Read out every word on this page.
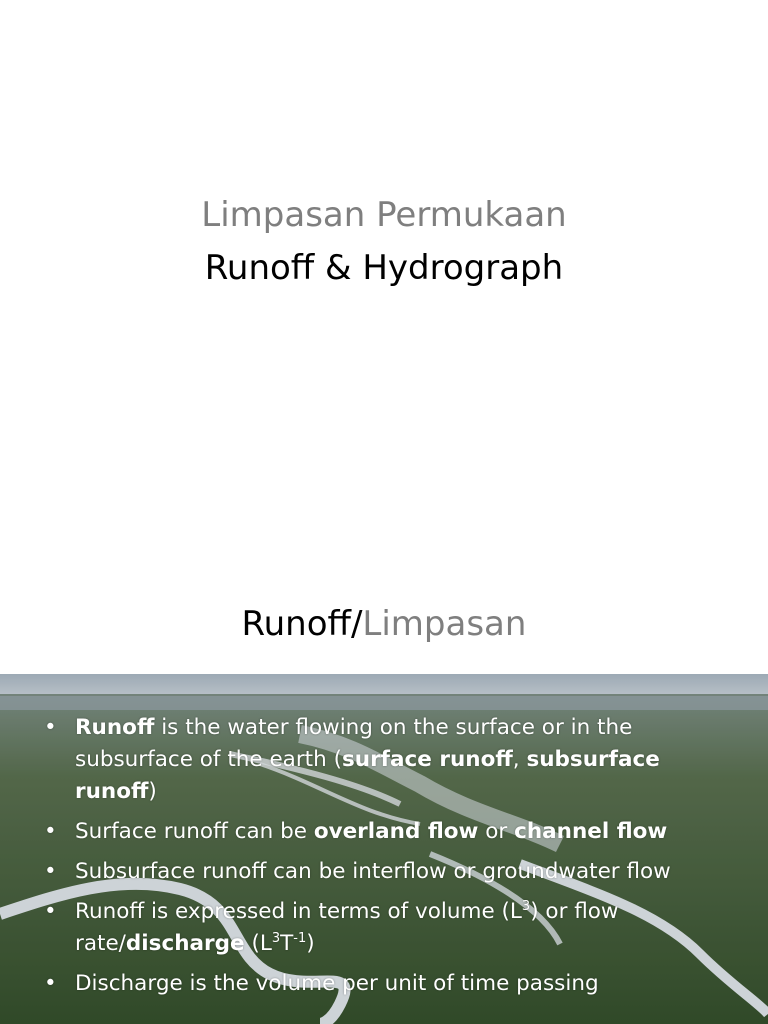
Limpasan Permukaan
Runoff & Hydrograph
Runoff/Limpasan
• Runoff is the water flowing on the surface or in the subsurface of the earth (surface runoff, subsurface runoff)
• Surface runoff can be overland flow or channel flow
• Subsurface runoff can be interflow or groundwater flow
• Runoff is expressed in terms of volume $(L^3)$ or flow rate/discharge $(L^3T^{-1})$
• Discharge is the volume per unit of time passing
